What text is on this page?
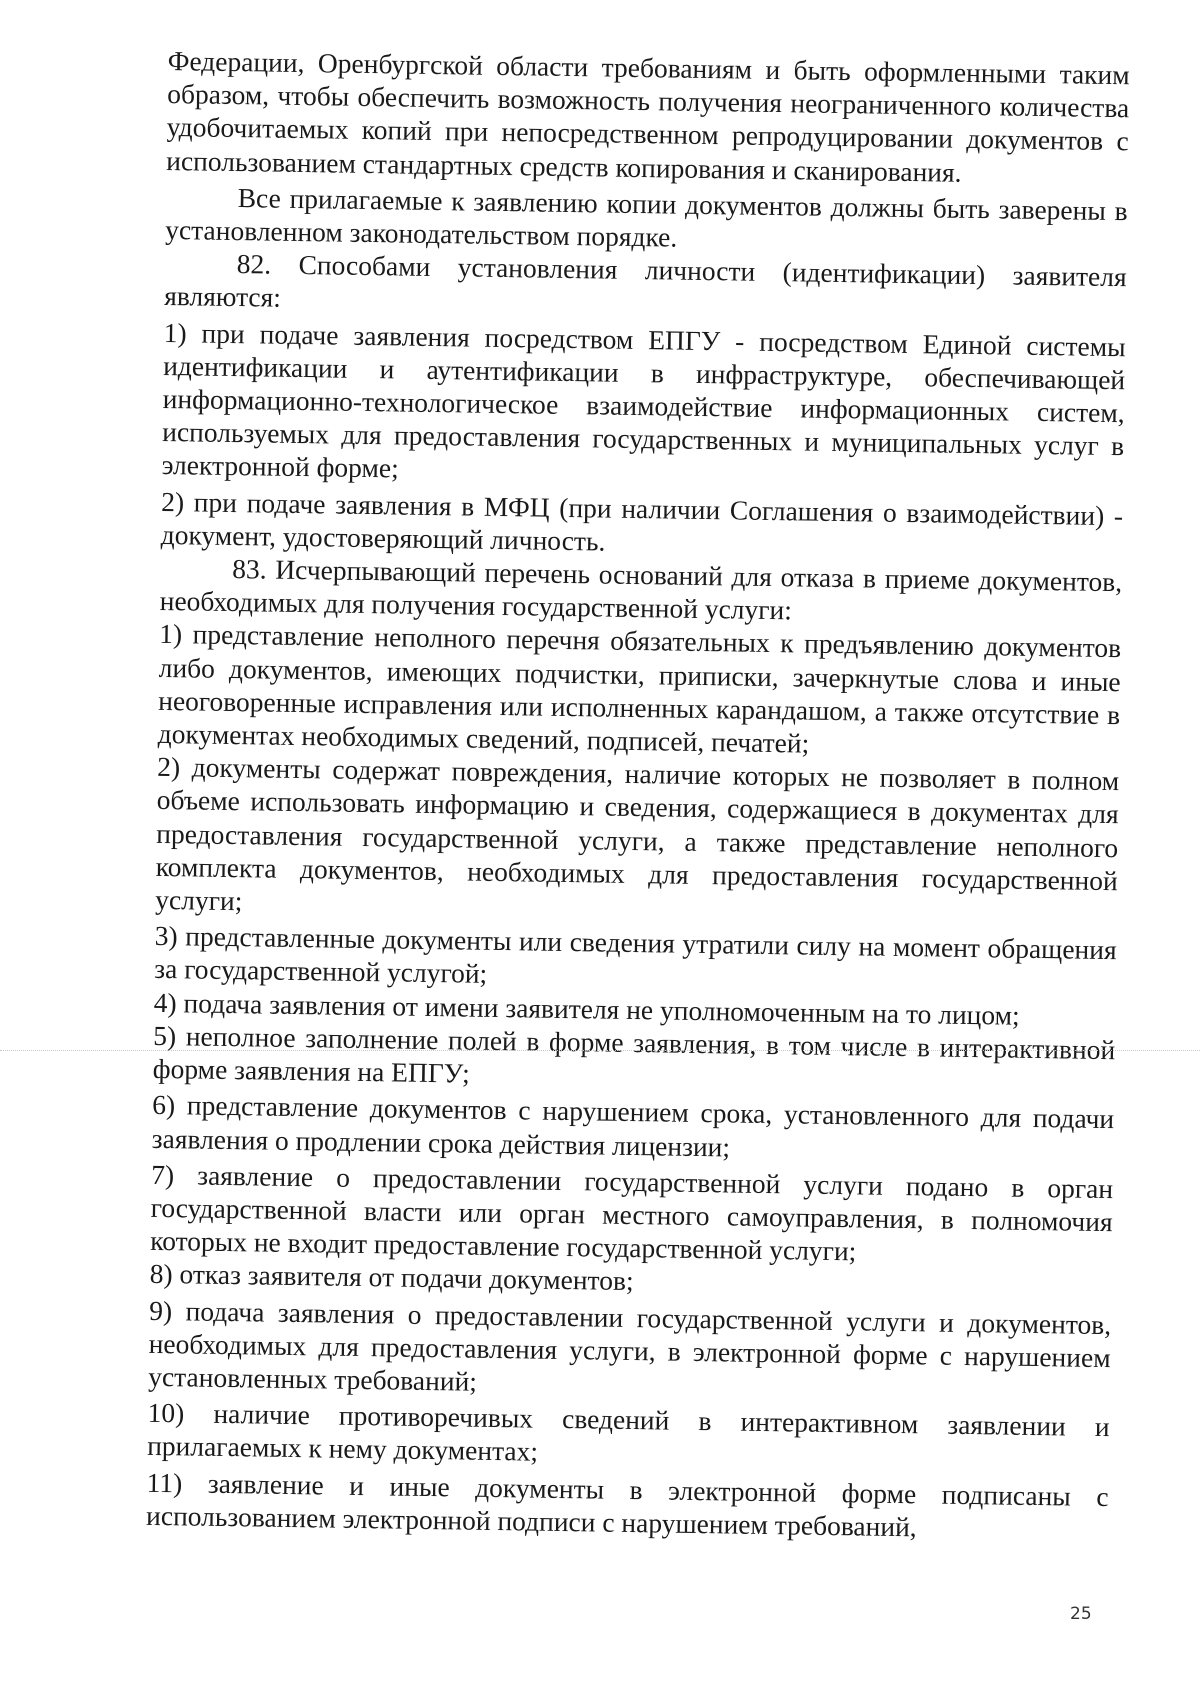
Федерации, Оренбургской области требованиям и быть оформленными таким образом, чтобы обеспечить возможность получения неограниченного количества удобочитаемых копий при непосредственном репродуцировании документов с использованием стандартных средств копирования и сканирования.

Все прилагаемые к заявлению копии документов должны быть заверены в установленном законодательством порядке.

82. Способами установления личности (идентификации) заявителя являются:

1) при подаче заявления посредством ЕПГУ - посредством Единой системы идентификации и аутентификации в инфраструктуре, обеспечивающей информационно-технологическое взаимодействие информационных систем, используемых для предоставления государственных и муниципальных услуг в электронной форме;

2) при подаче заявления в МФЦ (при наличии Соглашения о взаимодействии) - документ, удостоверяющий личность.

83. Исчерпывающий перечень оснований для отказа в приеме документов, необходимых для получения государственной услуги:

1) представление неполного перечня обязательных к предъявлению документов либо документов, имеющих подчистки, приписки, зачеркнутые слова и иные неоговоренные исправления или исполненных карандашом, а также отсутствие в документах необходимых сведений, подписей, печатей;

2) документы содержат повреждения, наличие которых не позволяет в полном объеме использовать информацию и сведения, содержащиеся в документах для предоставления государственной услуги, а также представление неполного комплекта документов, необходимых для предоставления государственной услуги;

3) представленные документы или сведения утратили силу на момент обращения за государственной услугой;

4) подача заявления от имени заявителя не уполномоченным на то лицом;

5) неполное заполнение полей в форме заявления, в том числе в интерактивной форме заявления на ЕПГУ;

6) представление документов с нарушением срока, установленного для подачи заявления о продлении срока действия лицензии;

7) заявление о предоставлении государственной услуги подано в орган государственной власти или орган местного самоуправления, в полномочия которых не входит предоставление государственной услуги;

8) отказ заявителя от подачи документов;

9) подача заявления о предоставлении государственной услуги и документов, необходимых для предоставления услуги, в электронной форме с нарушением установленных требований;

10) наличие противоречивых сведений в интерактивном заявлении и прилагаемых к нему документах;

11) заявление и иные документы в электронной форме подписаны с использованием электронной подписи с нарушением требований,

25
